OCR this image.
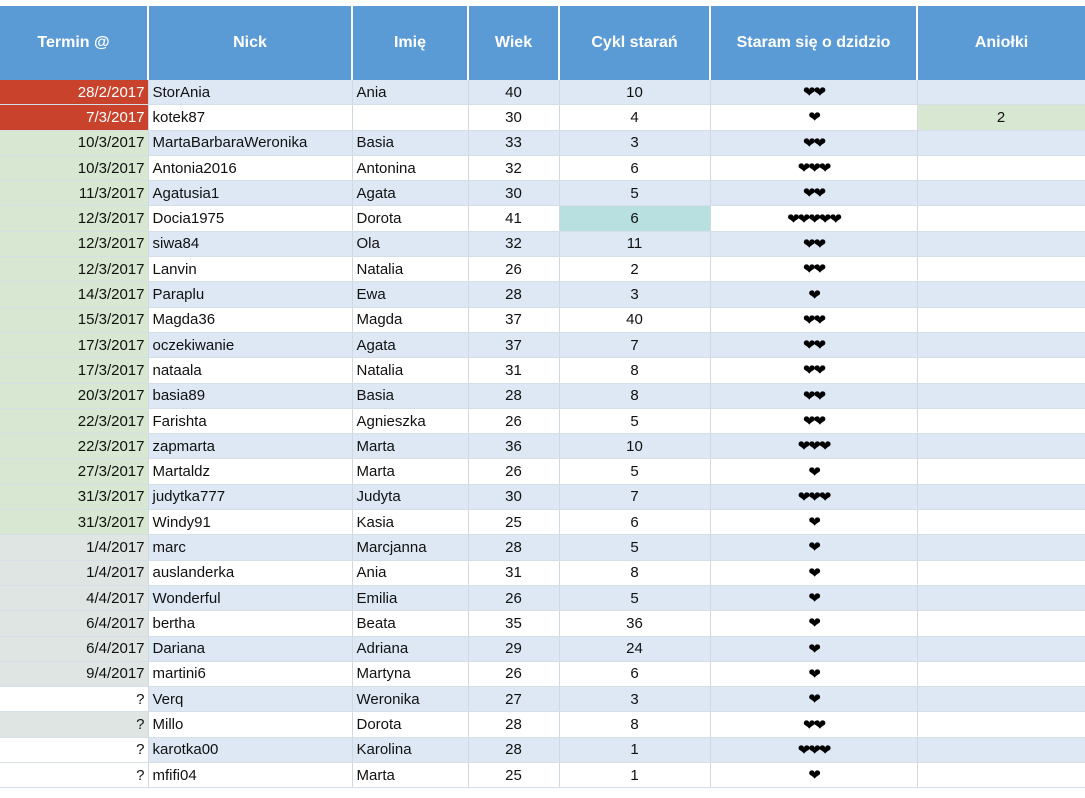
Termin @	Nick	Imię	Wiek	Cykl starań	Staram się o dzidzio	Aniołki
28/2/2017	StorAnia	Ania	40	10	❤❤	
7/3/2017	kotek87		30	4	❤	2
10/3/2017	MartaBarbaraWeronika	Basia	33	3	❤❤	
10/3/2017	Antonia2016	Antonina	32	6	❤❤❤	
11/3/2017	Agatusia1	Agata	30	5	❤❤	
12/3/2017	Docia1975	Dorota	41	6	❤❤❤❤❤	
12/3/2017	siwa84	Ola	32	11	❤❤	
12/3/2017	Lanvin	Natalia	26	2	❤❤	
14/3/2017	Paraplu	Ewa	28	3	❤	
15/3/2017	Magda36	Magda	37	40	❤❤	
17/3/2017	oczekiwanie	Agata	37	7	❤❤	
17/3/2017	nataala	Natalia	31	8	❤❤	
20/3/2017	basia89	Basia	28	8	❤❤	
22/3/2017	Farishta	Agnieszka	26	5	❤❤	
22/3/2017	zapmarta	Marta	36	10	❤❤❤	
27/3/2017	Martaldz	Marta	26	5	❤	
31/3/2017	judytka777	Judyta	30	7	❤❤❤	
31/3/2017	Windy91	Kasia	25	6	❤	
1/4/2017	marc	Marcjanna	28	5	❤	
1/4/2017	auslanderka	Ania	31	8	❤	
4/4/2017	Wonderful	Emilia	26	5	❤	
6/4/2017	bertha	Beata	35	36	❤	
6/4/2017	Dariana	Adriana	29	24	❤	
9/4/2017	martini6	Martyna	26	6	❤	
?	Verq	Weronika	27	3	❤	
?	Millo	Dorota	28	8	❤❤	
?	karotka00	Karolina	28	1	❤❤❤	
?	mfifi04	Marta	25	1	❤	
